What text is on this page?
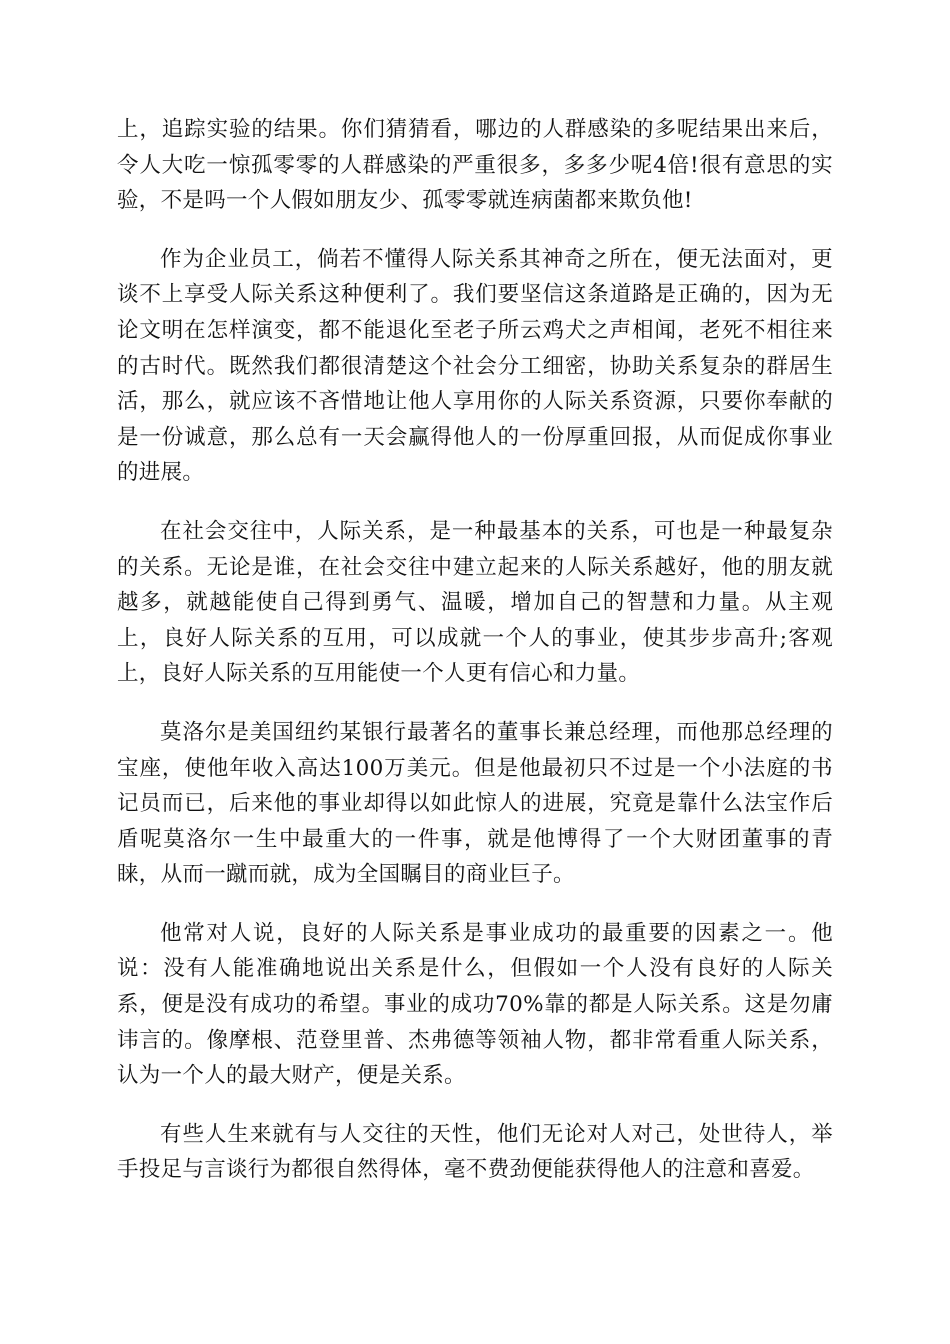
上，追踪实验的结果。你们猜猜看，哪边的人群感染的多呢结果出来后，令人大吃一惊孤零零的人群感染的严重很多，多多少呢4倍!很有意思的实验，不是吗一个人假如朋友少、孤零零就连病菌都来欺负他!

作为企业员工，倘若不懂得人际关系其神奇之所在，便无法面对，更谈不上享受人际关系这种便利了。我们要坚信这条道路是正确的，因为无论文明在怎样演变，都不能退化至老子所云鸡犬之声相闻，老死不相往来的古时代。既然我们都很清楚这个社会分工细密，协助关系复杂的群居生活，那么，就应该不吝惜地让他人享用你的人际关系资源，只要你奉献的是一份诚意，那么总有一天会赢得他人的一份厚重回报，从而促成你事业的进展。

在社会交往中，人际关系，是一种最基本的关系，可也是一种最复杂的关系。无论是谁，在社会交往中建立起来的人际关系越好，他的朋友就越多，就越能使自己得到勇气、温暖，增加自己的智慧和力量。从主观上，良好人际关系的互用，可以成就一个人的事业，使其步步高升;客观上，良好人际关系的互用能使一个人更有信心和力量。

莫洛尔是美国纽约某银行最著名的董事长兼总经理，而他那总经理的宝座，使他年收入高达100万美元。但是他最初只不过是一个小法庭的书记员而已，后来他的事业却得以如此惊人的进展，究竟是靠什么法宝作后盾呢莫洛尔一生中最重大的一件事，就是他博得了一个大财团董事的青睐，从而一蹴而就，成为全国瞩目的商业巨子。

他常对人说，良好的人际关系是事业成功的最重要的因素之一。他说：没有人能准确地说出关系是什么，但假如一个人没有良好的人际关系，便是没有成功的希望。事业的成功70%靠的都是人际关系。这是勿庸讳言的。像摩根、范登里普、杰弗德等领袖人物，都非常看重人际关系，认为一个人的最大财产，便是关系。

有些人生来就有与人交往的天性，他们无论对人对己，处世待人，举手投足与言谈行为都很自然得体，毫不费劲便能获得他人的注意和喜爱。
